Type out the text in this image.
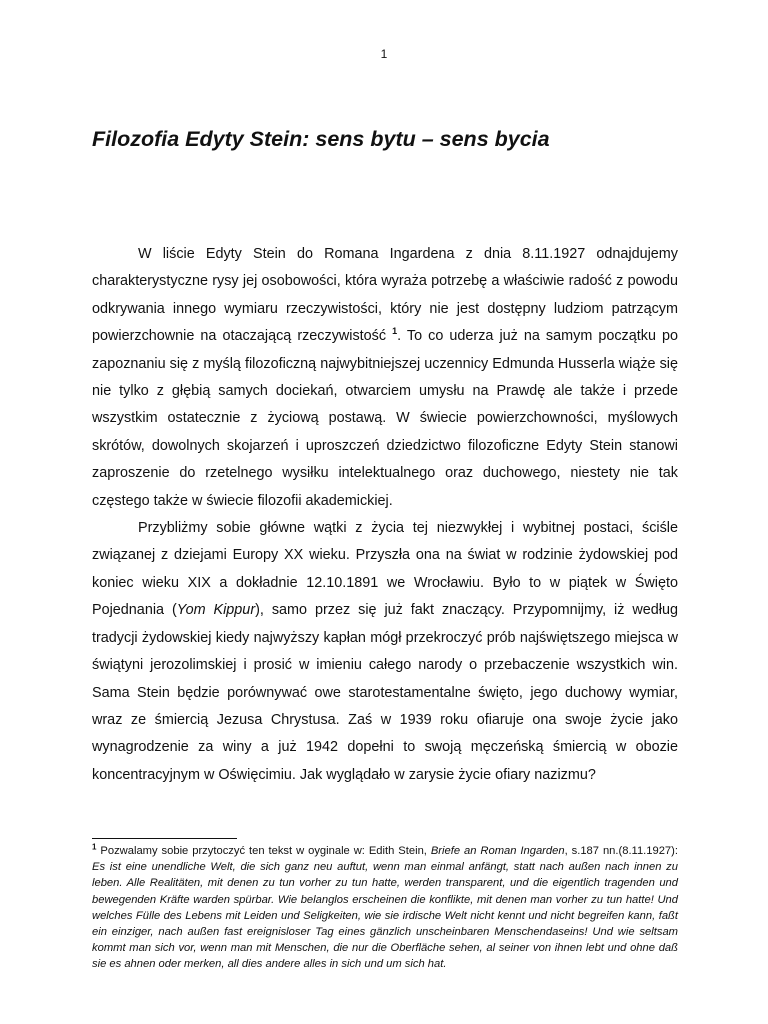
1
Filozofia Edyty Stein: sens bytu – sens bycia

W liście Edyty Stein do Romana Ingardena z dnia 8.11.1927 odnajdujemy charakterystyczne rysy jej osobowości, która wyraża potrzebę a właściwie radość z powodu odkrywania innego wymiaru rzeczywistości, który nie jest dostępny ludziom patrzącym powierzchownie na otaczającą rzeczywistość $^1$. To co uderza już na samym początku po zapoznaniu się z myślą filozoficzną najwybitniejszej uczennicy Edmunda Husserla wiąże się nie tylko z głębią samych dociekań, otwarciem umysłu na Prawdę ale także i przede wszystkim ostatecznie z życiową postawą. W świecie powierzchowności, myślowych skrótów, dowolnych skojarzeń i uproszczeń dziedzictwo filozoficzne Edyty Stein stanowi zaproszenie do rzetelnego wysiłku intelektualnego oraz duchowego, niestety nie tak częstego także w świecie filozofii akademickiej.

Przybliżmy sobie główne wątki z życia tej niezwykłej i wybitnej postaci, ściśle związanej z dziejami Europy XX wieku. Przyszła ona na świat w rodzinie żydowskiej pod koniec wieku XIX a dokładnie 12.10.1891 we Wrocławiu. Było to w piątek w Święto Pojednania (Yom Kippur), samo przez się już fakt znaczący. Przypomnijmy, iż według tradycji żydowskiej kiedy najwyższy kapłan mógł przekroczyć prób najświętszego miejsca w świątyni jerozolimskiej i prosić w imieniu całego narody o przebaczenie wszystkich win. Sama Stein będzie porównywać owe starotestamentalne święto, jego duchowy wymiar, wraz ze śmiercią Jezusa Chrystusa. Zaś w 1939 roku ofiaruje ona swoje życie jako wynagrodzenie za winy a już 1942 dopełni to swoją męczeńską śmiercią w obozie koncentracyjnym w Oświęcimiu. Jak wyglądało w zarysie życie ofiary nazizmu?

$^1$ Pozwalamy sobie przytoczyć ten tekst w oyginale w: Edith Stein, Briefe an Roman Ingarden, s.187 nn.(8.11.1927): Es ist eine unendliche Welt, die sich ganz neu auftut, wenn man einmal anfängt, statt nach außen nach innen zu leben. Alle Realitäten, mit denen zu tun vorher zu tun hatte, werden transparent, und die eigentlich tragenden und bewegenden Kräfte warden spürbar. Wie belanglos erscheinen die konflikte, mit denen man vorher zu tun hatte! Und welches Fülle des Lebens mit Leiden und Seligkeiten, wie sie irdische Welt nicht kennt und nicht begreifen kann, faßt ein einziger, nach außen fast ereignisloser Tag eines gänzlich unscheinbaren Menschendaseins! Und wie seltsam kommt man sich vor, wenn man mit Menschen, die nur die Oberfläche sehen, al seiner von ihnen lebt und ohne daß sie es ahnen oder merken, all dies andere alles in sich und um sich hat.
